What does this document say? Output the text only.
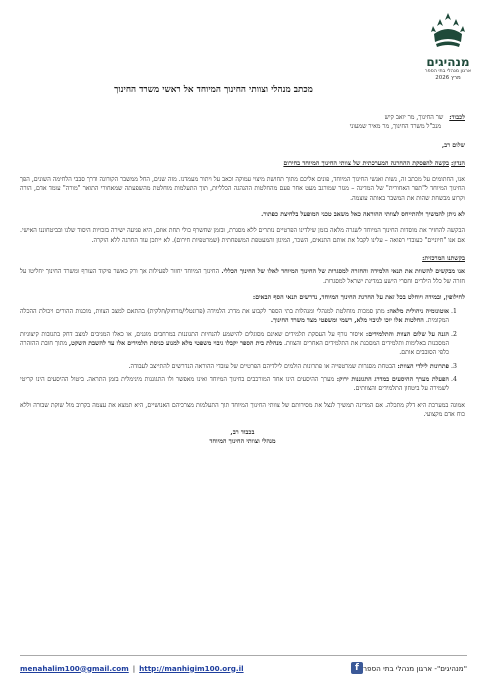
מנהיגים
ארגון מנהלי בתי הספר
מרץ 2026
מכתב מנהלי וצוותי החינוך המיוחד אל ראשי משרד החינוך
לכבוד:
שר החינוך, מר יואב קיש
מנכ"ל משרד החינוך, מר מאיר שמעוני
שלום רב,
הנדון: בקשה להפסקת ההחרגה המערכתית של צוותי החינוך המיוחד בחירום

אנו, החתומים על מכתב זה, נשות ואנשי החינוך המיוחד, פונים אליכם מתוך תחושת מיצוי עמוקה וכאב על ויתור מעמדנו. מזה שנים, החל ממשבר הקורונה ודרך סבבי הלחימה השונים, הפך החינוך המיוחד ל"תפר האחורית" של המדינה – מגזר שמורגב מעט אחר פעם מהחלטות ההנהגה הכלליות, תוך התעלמות מוחלטת מהשפעתה שמאחורי התואר "מורה" עומד אדם, הורה וקרוע מבשחת שהות את המשבר באותה עוצמה.

לא ניתן להמשיך ולהתייחס לצוותי ההוראה כאל משאב טכני המופעל בלחיצת כפתור.

הבקשה להחזיר את מוסדות החינוך המיוחד לשגרה מלאה בזמן שילדינו הפרטיים נותרים ללא מסגרת, ובזמן שחשרף כולי תחת אוזם, היא פגיעה ישירה בזכויות היסוד שלנו ובביטחוננו האישי. אם אנו "חיוניים" כעובדי רפואה – עלינו לקבל את אותם התנאים, השכר, המיגון והמעטפת המשפחתית (שמרטפיות חירום). לא ייתכן עוד החרגה ללא הוקרה.

בקשתנו המרכזית:

אנו מבקשים להשוות את תנאי הלמידה והחזרה למסגרות של החינוך המיוחד לאלו של החינוך הכללי. החינוך המיוחד יחזור לפעילות אך ורק כאשר פיקוד העורף ומשרד החינוך יחליטו על חזרה של כלל הילדים וחסרי הישע במדינת ישראל למסגרות.

לחילופין, ובמידה ויוחלט בכל זאת על החרגת החינוך המיוחד, נדרשים תנאי הסף הבאים:

1. אוטונומיה ניהולית מלאה: מתן סמכות מוחלטת למנהלי ומנהלות בתי הספר לקבוע את מדרג הלמידה (פרונטלי/מרחוק/חלקית) בהתאם למצב הצוות, מוכנות ההורים ויכולת ההכלה המקומית. החלטות אלו יוכו לגיבוי מלא, רשמי ומשפטי מצד משרד החינוך.
2. הגנה על שלום הצוות והתלמידים: איסור גורף על העסקת תלמידים שאינם מסוגלים להישמע להנחיות התגוננות במרחבים מוגנים, או כאלו המגיבים למצב דחק בתגובות קיצוניות המסכנות באלימות ותלמידים המסכנת את התלמידים האחרים והצוות. מנהלת בית הספר יקבלו גיבוי משפטי מלא למנוע כניסת תלמידים אלו עד להשבת השקט, מתוך חובת ההזהרה כלפי הסובבים אותם.
3. פתרונות לילדי הצוות: הבטחת מסגרות שמרטפייה או פתרונות הולמים לילדיהם הפרטיים של עובדי ההוראה הנדרשים להתייצב לעבודה.
4. הפעלת מערך ההיסעים במדרג התגוננות ירוק: מערך ההיסעים הינו אחד המורכבים בחינוך המיוחד ואינו מאפשר ולו התגוננות מינימלית בזמן התראה. ביטול ההיסעים הינו קריטי לשמירה על ביטחון התלמידים והצוותים.

אמונה במערכת היא דלק מתכלה. אם המדינה תמשיך לנצל את מסירותם של צוותי החינוך המיוחד תוך התעלמות מצרכיהם האנושיים, היא תמצא את עצמה בקרוב מול שוקת שבורה וללא כוח אדם מקצועי.

בכבוד רב,
מנהלי וצוותי החינוך המיוחד
menahalim100@gmail.com | http://manhigim100.org.il	f "מנהיגים"- ארגון מנהלי בתי הספר
